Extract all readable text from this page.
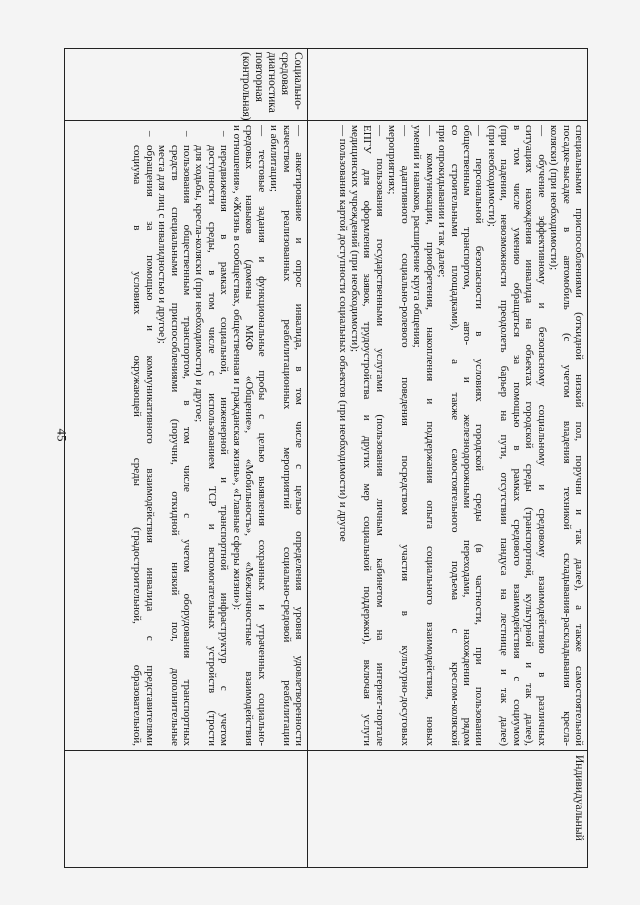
45	специальными приспособлениями (откидной низкий пол, поручни и так далее), а также самостоятельной
посадке-высадке в автомобиль (с учетом владения техникой складывания-раскладывания кресла-
коляски) (при необходимости);
— обучение эффективному и безопасному социальному и средовому взаимодействию в различных
ситуациях нахождения инвалида на объектах городской среды (транспортной, культурной и так далее),
в том числе умению обращаться за помощью в рамках средового взаимодействия с социумом
(при падении, невозможности преодолеть барьер на пути, отсутствии пандуса на лестнице и так далее)
(при необходимости);
— персональной безопасности в условиях городской среды (в частности, при пользовании
общественным транспортом, авто- и железнодорожными переходами, нахождении рядом
со строительными площадками), а также самостоятельного подъема с креслом-коляской
при опрокидывании и так далее;
— коммуникации, приобретения, накопления и поддержания опыта социального взаимодействия, новых
умений и навыков, расширение круга общения;
— адаптивного социально-ролевого поведения посредством участия в культурно-досуговых
мероприятиях;
— пользования государственными услугами (пользования личным кабинетом на интернет-портале
ЕПГУ для оформления заявок, трудоустройства и других мер социальной поддержки), включая услуги
медицинских учреждений (при необходимости);
— пользования картой доступности социальных объектов (при необходимости) и другое
Индивидуальный
Социально-средовая диагностика повторная (контрольная)
— анкетирование и опрос инвалида, в том числе с целью определения уровня удовлетворенности
качеством реализованных реабилитационных мероприятий социально-средовой реабилитации
и абилитации;
— тестовые задания и функциональные пробы с целью выявления сохранных и утраченных социально-
средовых навыков (домены МКФ «Общение», «Мобильность», «Межличностные взаимодействия
и отношения», «Жизнь в сообществах, общественная и гражданская жизнь», «Главные сферы жизни»):
– передвижения в рамках социальной, инженерной и транспортной инфраструктур с учетом
доступности среды, в том числе с использованием ТСР и вспомогательных устройств (трости
для ходьбы, кресла-коляски (при необходимости) и другое;
– пользования общественным транспортом, в том числе с учетом оборудования транспортных
средств специальными приспособлениями (поручни, откидной низкий пол, дополнительные
места для лиц с инвалидностью и другое);
– обращения за помощью и коммуникативного взаимодействия инвалида с представителями
социума в условиях окружающей среды (градостроительной, образовательной,
